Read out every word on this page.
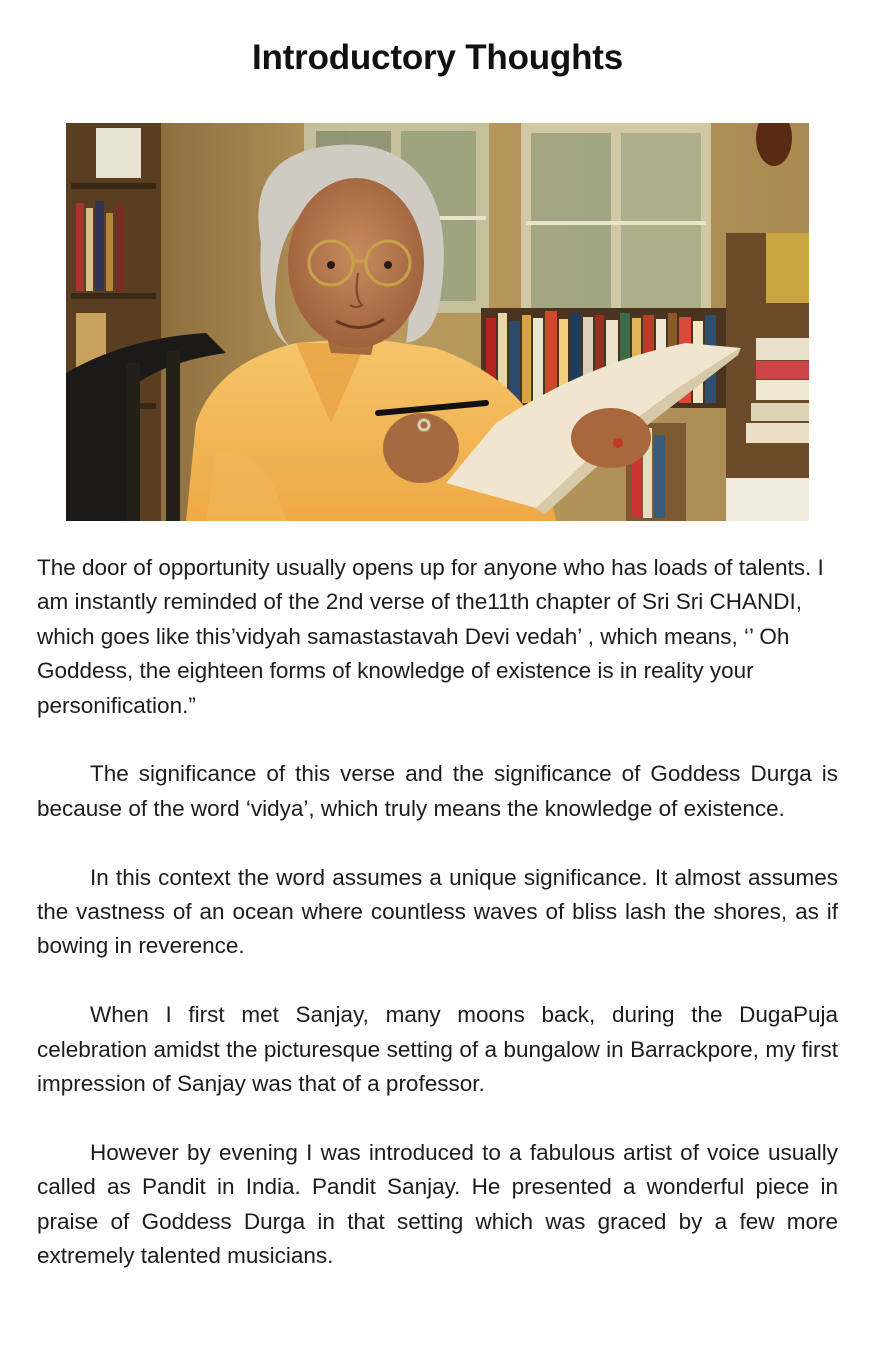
Introductory Thoughts

The door of opportunity usually opens up for anyone who has loads of talents. I am instantly reminded of the 2nd verse of the11th chapter of Sri Sri CHANDI, which goes like this’vidyah samastastavah Devi vedah’ , which means, ‘’ Oh Goddess, the eighteen forms of knowledge of existence is in reality your personification.”

The significance of this verse and the significance of Goddess Durga is because of the word ‘vidya’, which truly means the knowledge of existence.

In this context the word assumes a unique significance. It almost assumes the vastness of an ocean where countless waves of bliss lash the shores, as if bowing in reverence.

When I first met Sanjay, many moons back, during the DugaPuja celebration amidst the picturesque setting of a bungalow in Barrackpore, my first impression of Sanjay was that of a professor.

However by evening I was introduced to a fabulous artist of voice usually called as Pandit in India. Pandit Sanjay. He presented a wonderful piece in praise of Goddess Durga in that setting which was graced by a few more extremely talented musicians.
